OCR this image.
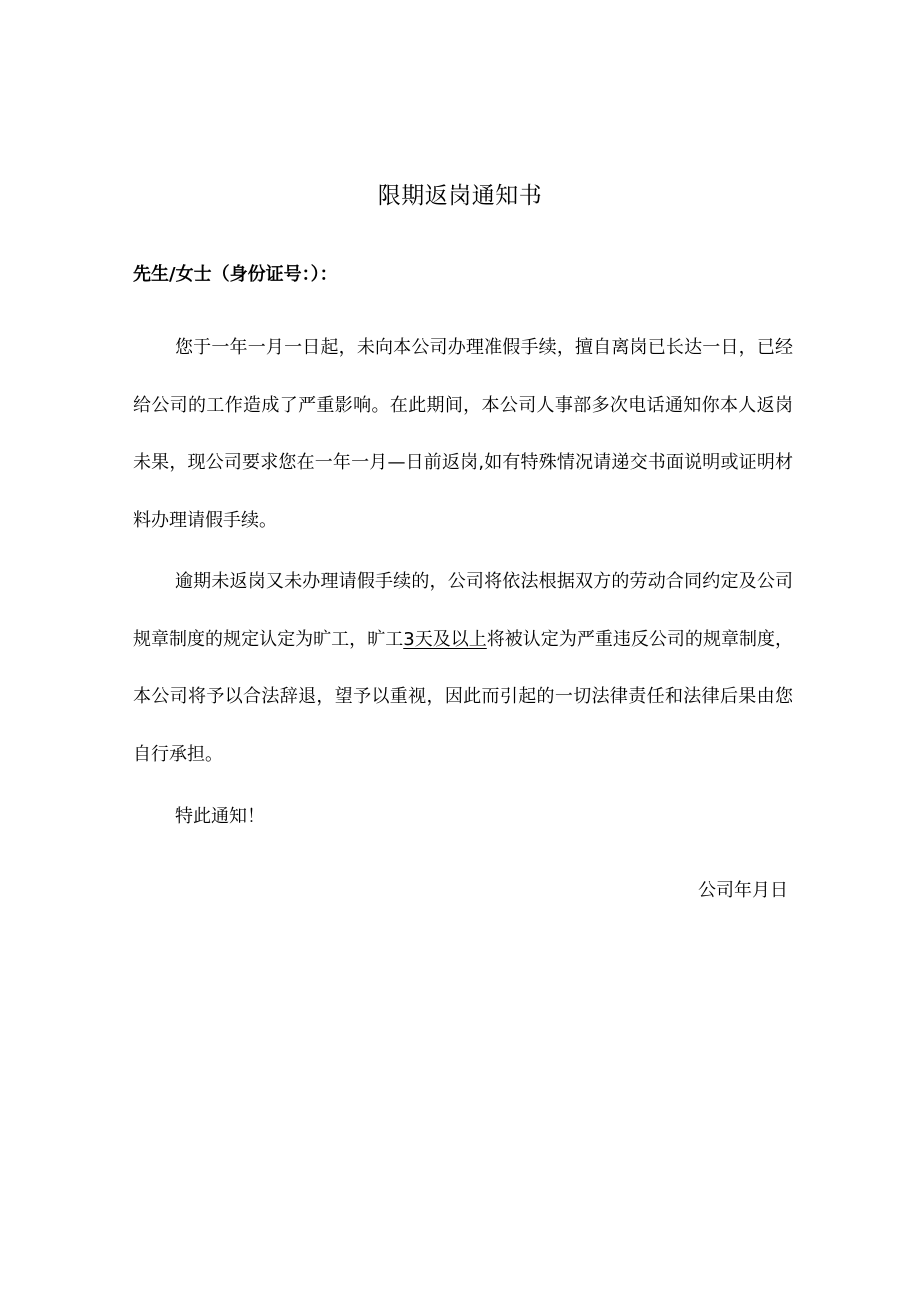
限期返岗通知书
先生/女士（身份证号：）：

您于一年一月一日起，未向本公司办理准假手续，擅自离岗已长达一日，已经给公司的工作造成了严重影响。在此期间，本公司人事部多次电话通知你本人返岗未果，现公司要求您在一年一月—日前返岗,如有特殊情况请递交书面说明或证明材料办理请假手续。

逾期未返岗又未办理请假手续的，公司将依法根据双方的劳动合同约定及公司规章制度的规定认定为旷工，旷工3天及以上将被认定为严重违反公司的规章制度，本公司将予以合法辞退，望予以重视，因此而引起的一切法律责任和法律后果由您自行承担。

特此通知！
公司年月日
